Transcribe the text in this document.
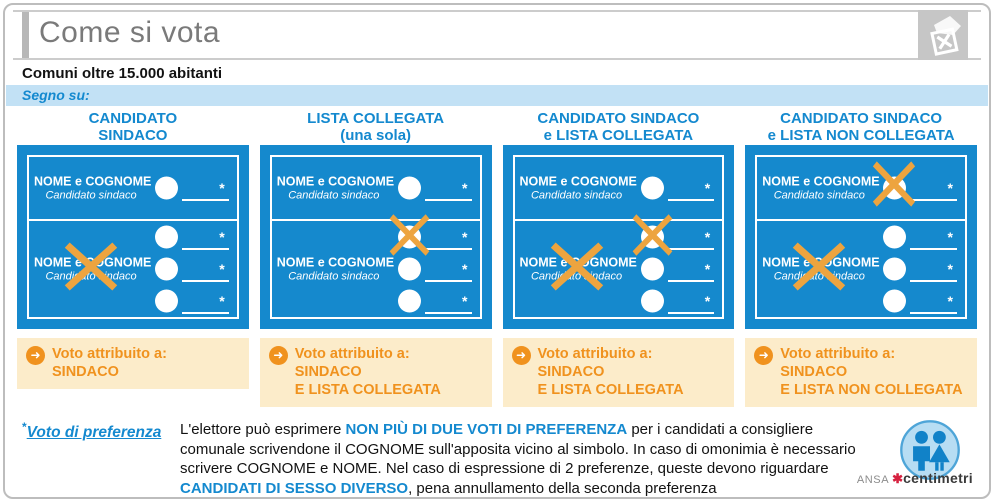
Come si vota
Comuni oltre 15.000 abitanti
Segno su:
CANDIDATO
SINDACO
NOME e COGNOME
Candidato sindaco	*
*
NOME e COGNOME
Candidato sindaco	*
*
➜ Voto attribuito a:
SINDACO
LISTA COLLEGATA
(una sola)
NOME e COGNOME
Candidato sindaco	*
*
NOME e COGNOME
Candidato sindaco	*
*
➜ Voto attribuito a:
SINDACO
E LISTA COLLEGATA
CANDIDATO SINDACO
e LISTA COLLEGATA
NOME e COGNOME
Candidato sindaco	*
*
NOME e COGNOME
Candidato sindaco	*
*
➜ Voto attribuito a:
SINDACO
E LISTA COLLEGATA
CANDIDATO SINDACO
e LISTA NON COLLEGATA
NOME e COGNOME
Candidato sindaco	*
*
NOME e COGNOME
Candidato sindaco	*
*
➜ Voto attribuito a:
SINDACO
E LISTA NON COLLEGATA
*Voto di preferenza	L'elettore può esprimere NON PIÙ DI DUE VOTI DI PREFERENZA per i candidati a consigliere comunale scrivendone il COGNOME sull'apposita vicino al simbolo. In caso di omonimia è necessario scrivere COGNOME e NOME. Nel caso di espressione di 2 preferenze, queste devono riguardare CANDIDATI DI SESSO DIVERSO, pena annullamento della seconda preferenza	ANSA ✱centimetri
